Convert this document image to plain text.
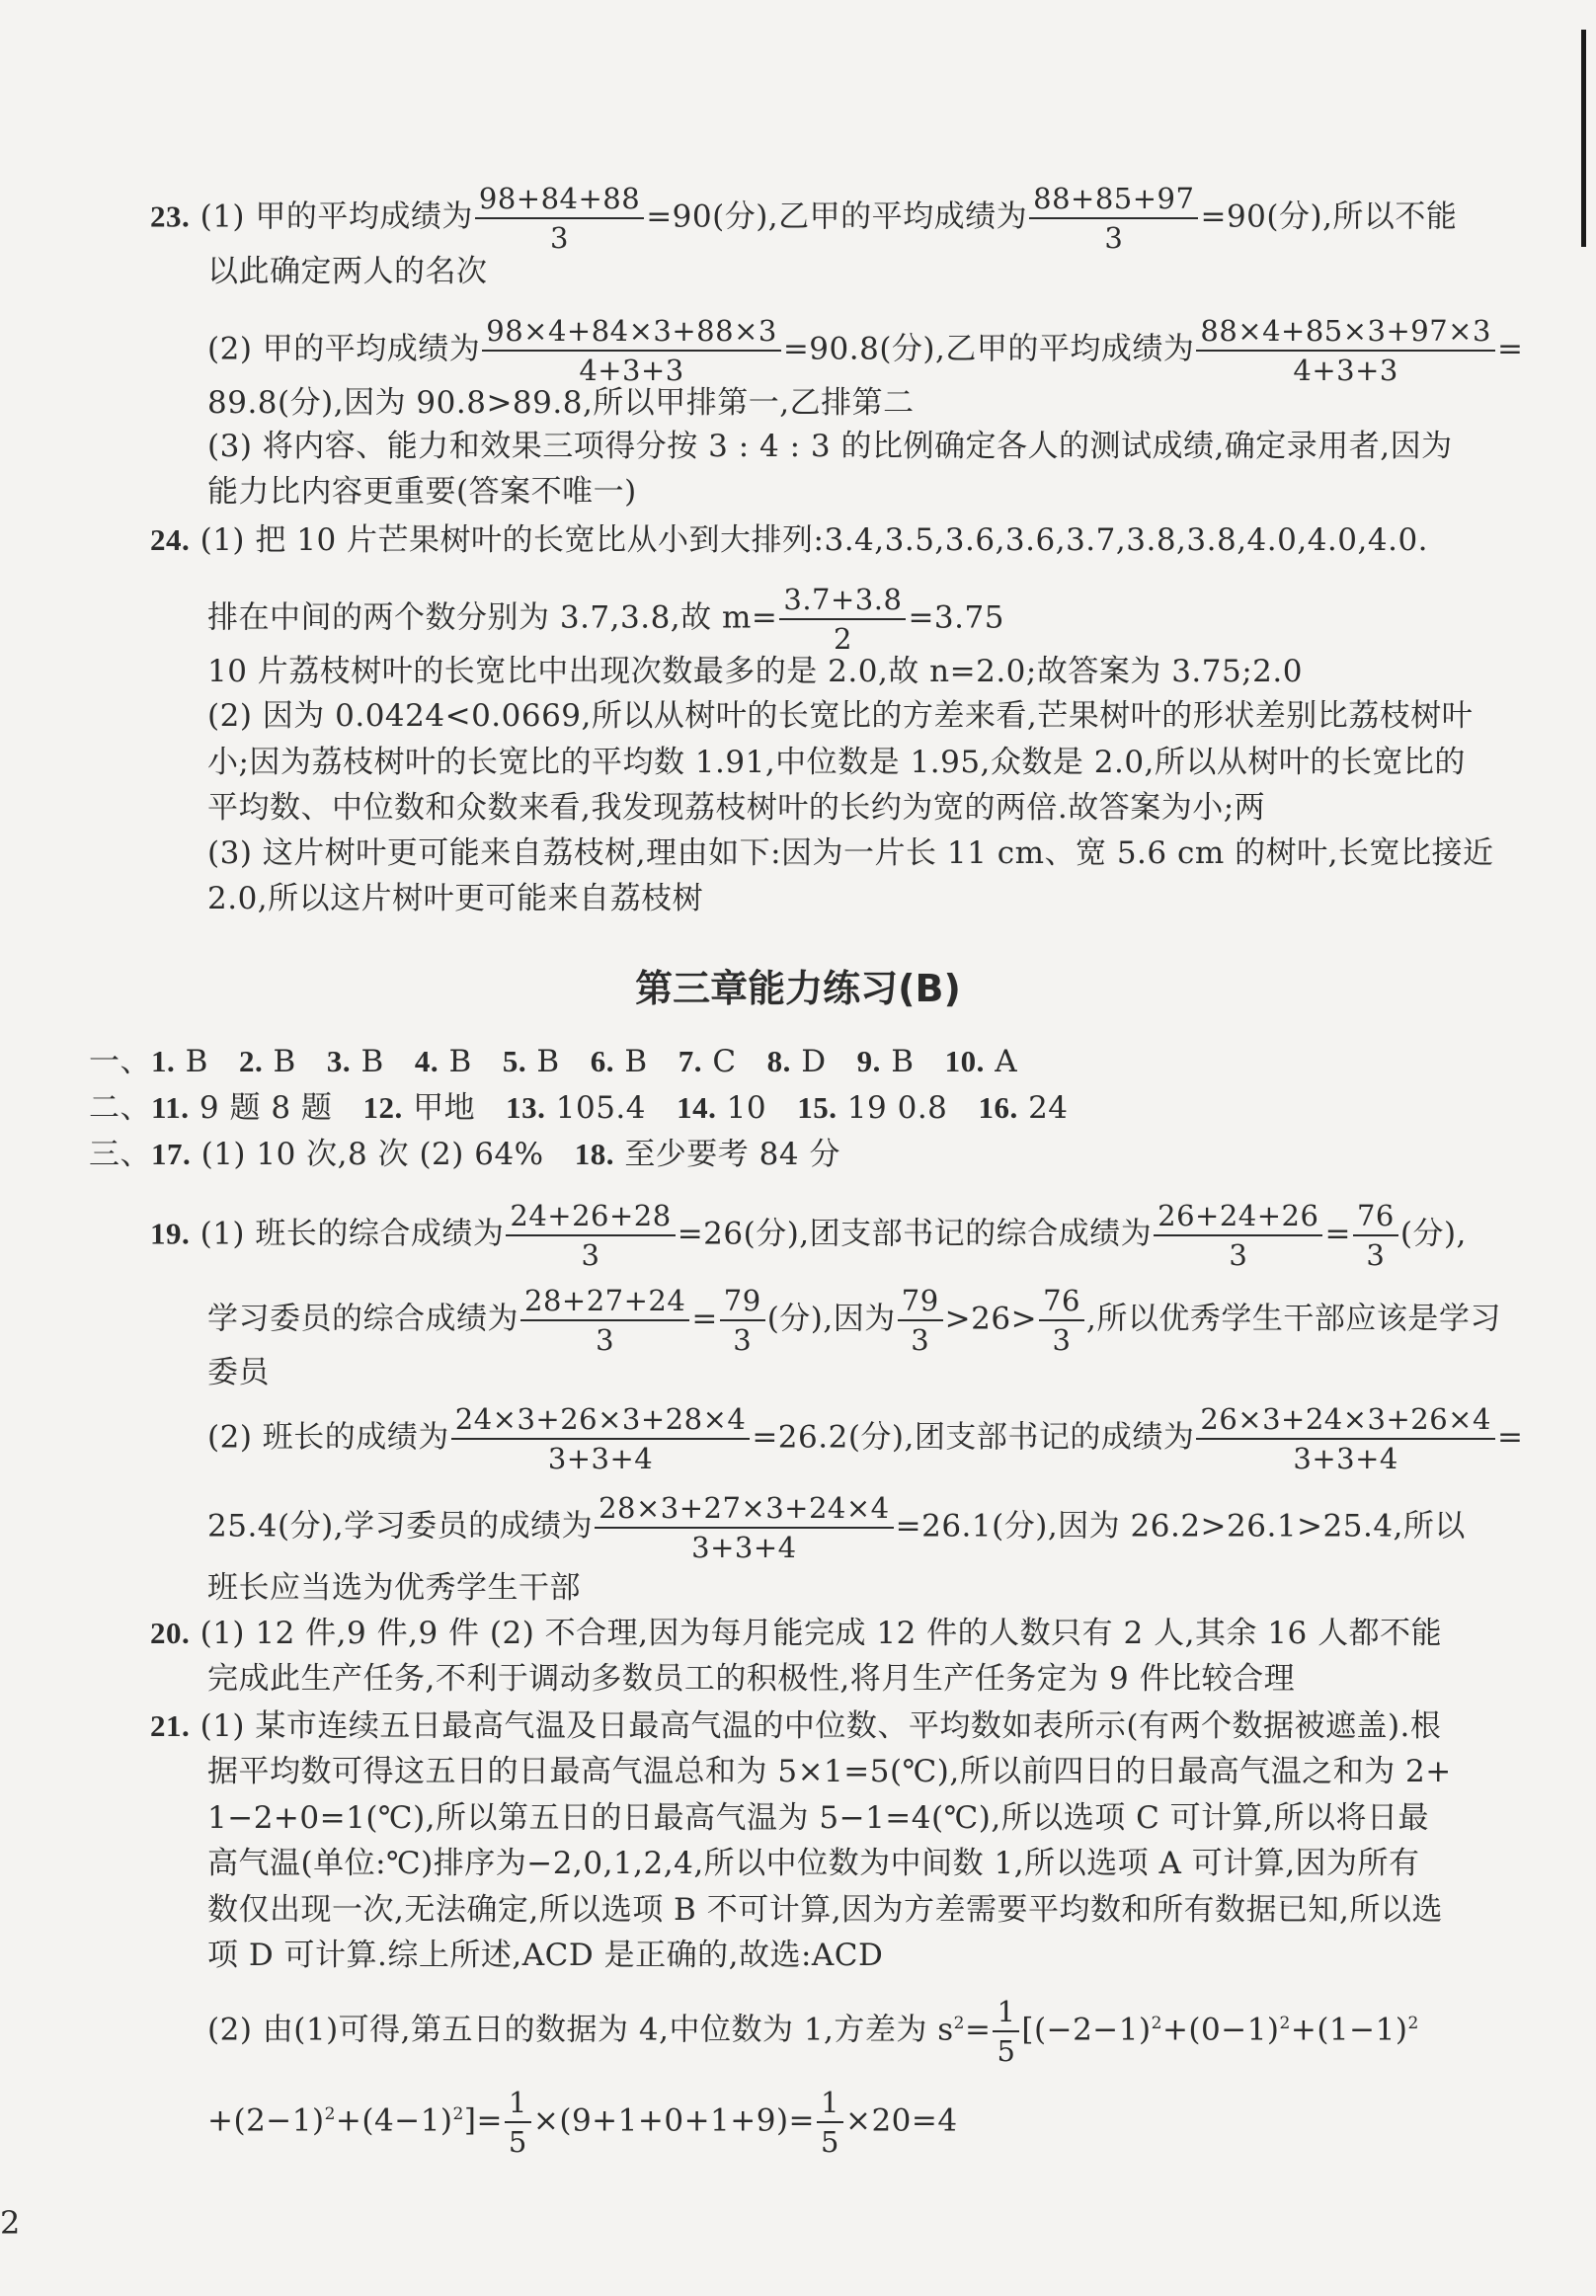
23. (1) 甲的平均成绩为 $\frac{98+84+88}{3} =90$(分),乙甲的平均成绩为 $\frac{88+85+97}{3} =90$(分),所以不能
以此确定两人的名次
(2) 甲的平均成绩为 $\frac{98\times 4+84\times 3+88\times 3}{4+3+3} =90.8$(分),乙甲的平均成绩为 $\frac{88\times 4+85\times 3+97\times 3}{4+3+3}$ =
89.8(分),因为 90.8>89.8,所以甲排第一,乙排第二
(3) 将内容、能力和效果三项得分按 3 : 4 : 3 的比例确定各人的测试成绩,确定录用者,因为
能力比内容更重要(答案不唯一)
24. (1) 把 10 片芒果树叶的长宽比从小到大排列:3.4,3.5,3.6,3.6,3.7,3.8,3.8,4.0,4.0,4.0.
排在中间的两个数分别为 3.7,3.8,故 $m= \frac{3.7+3.8}{2} =3.75$
10 片荔枝树叶的长宽比中出现次数最多的是 2.0,故 n=2.0;故答案为 3.75;2.0
(2) 因为 0.0424<0.0669,所以从树叶的长宽比的方差来看,芒果树叶的形状差别比荔枝树叶
小;因为荔枝树叶的长宽比的平均数 1.91,中位数是 1.95,众数是 2.0,所以从树叶的长宽比的
平均数、中位数和众数来看,我发现荔枝树叶的长约为宽的两倍.故答案为小;两
(3) 这片树叶更可能来自荔枝树,理由如下:因为一片长 11 cm、宽 5.6 cm 的树叶,长宽比接近
2.0,所以这片树叶更可能来自荔枝树
第三章能力练习(B)
一、1. B 2. B 3. B 4. B 5. B 6. B 7. C 8. D 9. B 10. A
二、11. 9 题 8 题 12. 甲地 13. 105.4 14. 10 15. 19 0.8 16. 24
三、17. (1) 10 次,8 次 (2) 64% 18. 至少要考 84 分
19. (1) 班长的综合成绩为 $\frac{24+26+28}{3} =26$(分),团支部书记的综合成绩为 $\frac{26+24+26}{3} = \frac{76}{3}$ (分),
学习委员的综合成绩为 $\frac{28+27+24}{3} = \frac{79}{3}$ (分),因为 $\frac{79}{3} >26> \frac{76}{3}$ ,所以优秀学生干部应该是学习
委员
(2) 班长的成绩为 $\frac{24\times 3+26\times 3+28\times 4}{3+3+4} =26.2$(分),团支部书记的成绩为 $\frac{26\times 3+24\times 3+26\times 4}{3+3+4}$ =
25.4(分),学习委员的成绩为 $\frac{28\times 3+27\times 3+24\times 4}{3+3+4} =26.1$(分),因为 26.2>26.1>25.4,所以
班长应当选为优秀学生干部
20. (1) 12 件,9 件,9 件 (2) 不合理,因为每月能完成 12 件的人数只有 2 人,其余 16 人都不能
完成此生产任务,不利于调动多数员工的积极性,将月生产任务定为 9 件比较合理
21. (1) 某市连续五日最高气温及日最高气温的中位数、平均数如表所示(有两个数据被遮盖).根
据平均数可得这五日的日最高气温总和为 5×1=5(℃),所以前四日的日最高气温之和为 2+
1−2+0=1(℃),所以第五日的日最高气温为 5−1=4(℃),所以选项 C 可计算,所以将日最
高气温(单位:℃)排序为−2,0,1,2,4,所以中位数为中间数 1,所以选项 A 可计算,因为所有
数仅出现一次,无法确定,所以选项 B 不可计算,因为方差需要平均数和所有数据已知,所以选
项 D 可计算.综上所述,ACD 是正确的,故选:ACD
(2) 由(1)可得,第五日的数据为 4,中位数为 1,方差为 $s^2= \frac{1}{5} [(-2-1)^2+(0-1)^2+(1-1)^2$
$+(2-1)^2+(4-1)^2]= \frac{1}{5} \times(9+1+0+1+9)= \frac{1}{5} \times 20=4$
2
